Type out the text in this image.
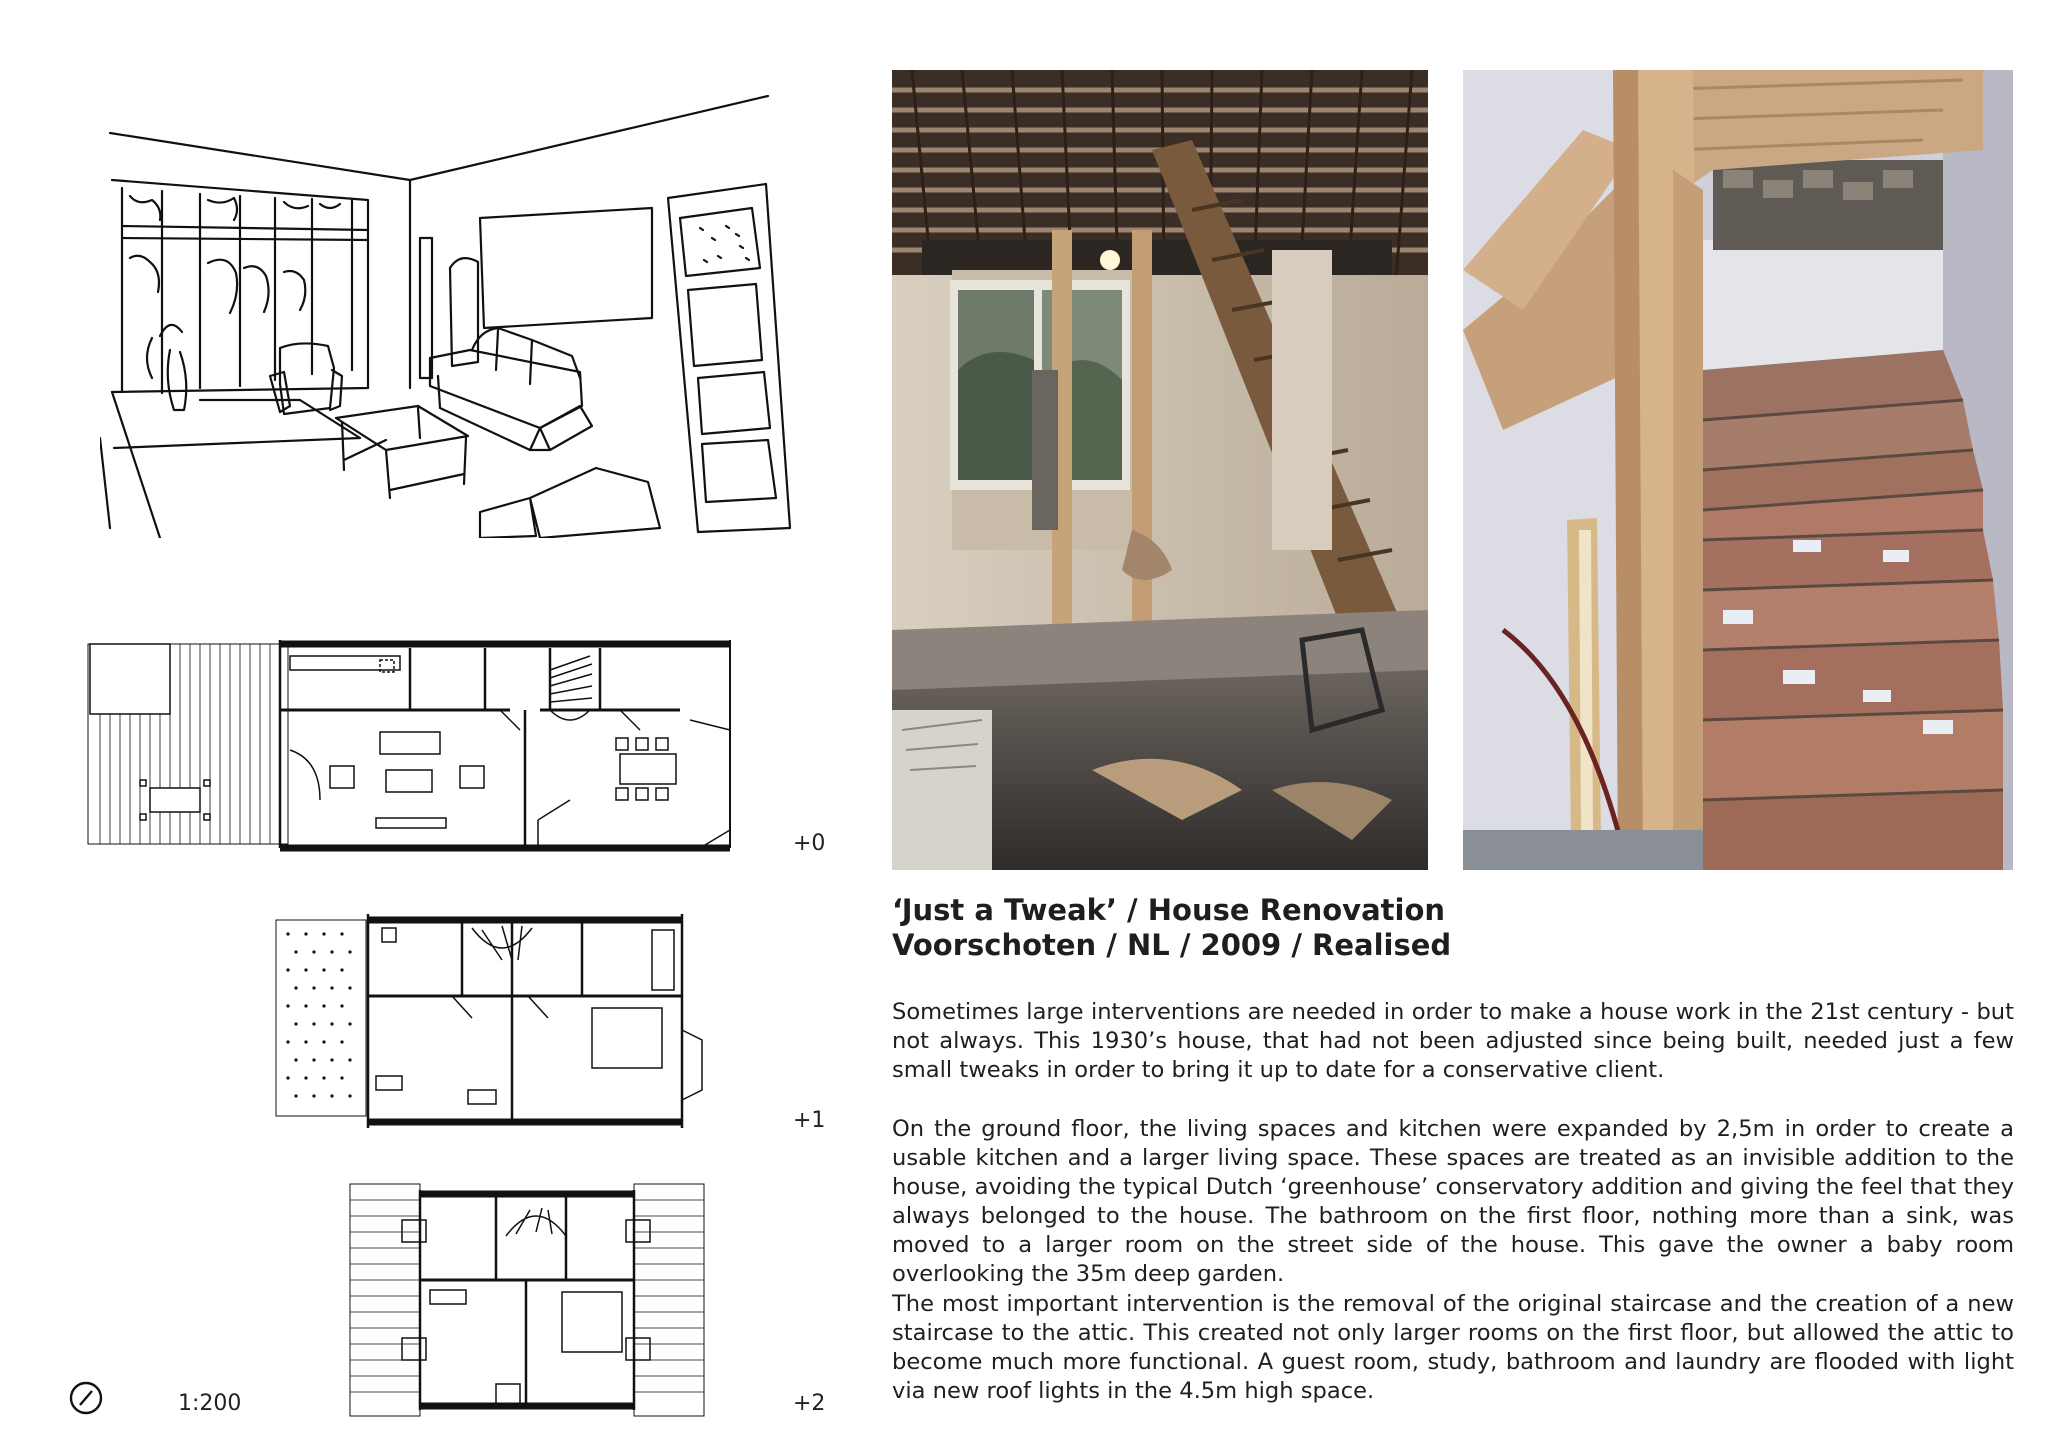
+0
+1
+2
1:200
‘Just a Tweak’ / House Renovation
Voorschoten / NL / 2009 / Realised

Sometimes large interventions are needed in order to make a house work in the 21st century - but not always. This 1930’s house, that had not been adjusted since being built, needed just a few small tweaks in order to bring it up to date for a conservative client.

On the ground floor, the living spaces and kitchen were expanded by 2,5m in order to create a usable kitchen and a larger living space. These spaces are treated as an invisible addition to the house, avoiding the typical Dutch ‘greenhouse’ conservatory addition and giving the feel that they always belonged to the house. The bathroom on the first floor, nothing more than a sink, was moved to a larger room on the street side of the house. This gave the owner a baby room overlooking the 35m deep garden.

The most important intervention is the removal of the original staircase and the creation of a new staircase to the attic. This created not only larger rooms on the first floor, but allowed the attic to become much more functional. A guest room, study, bathroom and laundry are flooded with light via new roof lights in the 4.5m high space.
